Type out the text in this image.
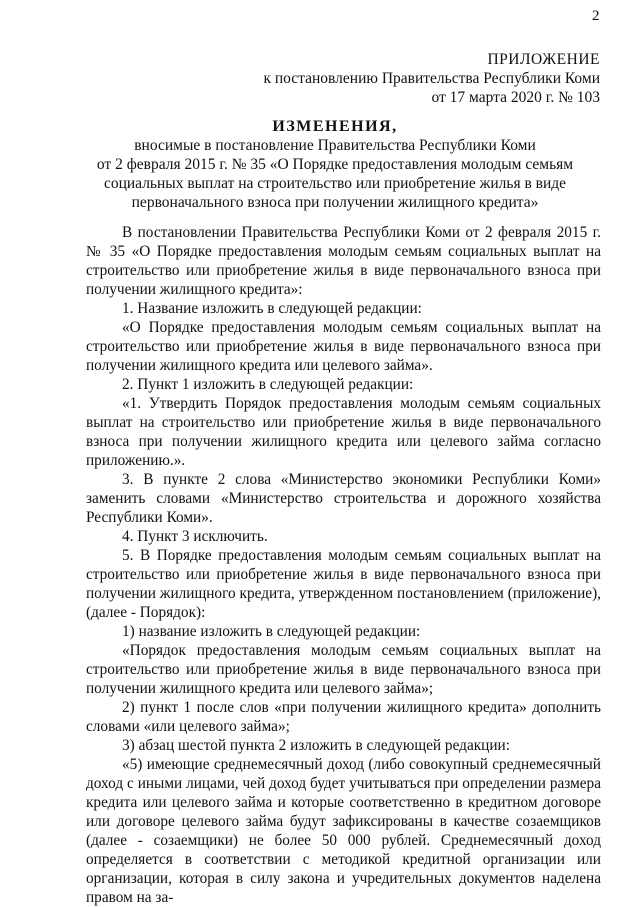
2
ПРИЛОЖЕНИЕ
к постановлению Правительства Республики Коми
от 17 марта 2020 г. № 103
ИЗМЕНЕНИЯ,
вносимые в постановление Правительства Республики Коми
от 2 февраля 2015 г. № 35 «О Порядке предоставления молодым семьям
социальных выплат на строительство или приобретение жилья в виде
первоначального взноса при получении жилищного кредита»

В постановлении Правительства Республики Коми от 2 февраля 2015 г. № 35 «О Порядке предоставления молодым семьям социальных выплат на строительство или приобретение жилья в виде первоначального взноса при получении жилищного кредита»:

1. Название изложить в следующей редакции:

«О Порядке предоставления молодым семьям социальных выплат на строительство или приобретение жилья в виде первоначального взноса при получении жилищного кредита или целевого займа».

2. Пункт 1 изложить в следующей редакции:

«1. Утвердить Порядок предоставления молодым семьям социальных выплат на строительство или приобретение жилья в виде первоначального взноса при получении жилищного кредита или целевого займа согласно приложению.».

3. В пункте 2 слова «Министерство экономики Республики Коми» заменить словами «Министерство строительства и дорожного хозяйства Республики Коми».

4. Пункт 3 исключить.

5. В Порядке предоставления молодым семьям социальных выплат на строительство или приобретение жилья в виде первоначального взноса при получении жилищного кредита, утвержденном постановлением (приложение), (далее - Порядок):

1) название изложить в следующей редакции:

«Порядок предоставления молодым семьям социальных выплат на строительство или приобретение жилья в виде первоначального взноса при получении жилищного кредита или целевого займа»;

2) пункт 1 после слов «при получении жилищного кредита» дополнить словами «или целевого займа»;

3) абзац шестой пункта 2 изложить в следующей редакции:

«5) имеющие среднемесячный доход (либо совокупный среднемесячный доход с иными лицами, чей доход будет учитываться при определении размера кредита или целевого займа и которые соответственно в кредитном договоре или договоре целевого займа будут зафиксированы в качестве созаемщиков (далее - созаемщики) не более 50 000 рублей. Среднемесячный доход определяется в соответствии с методикой кредитной организации или организации, которая в силу закона и учредительных документов наделена правом на за-
